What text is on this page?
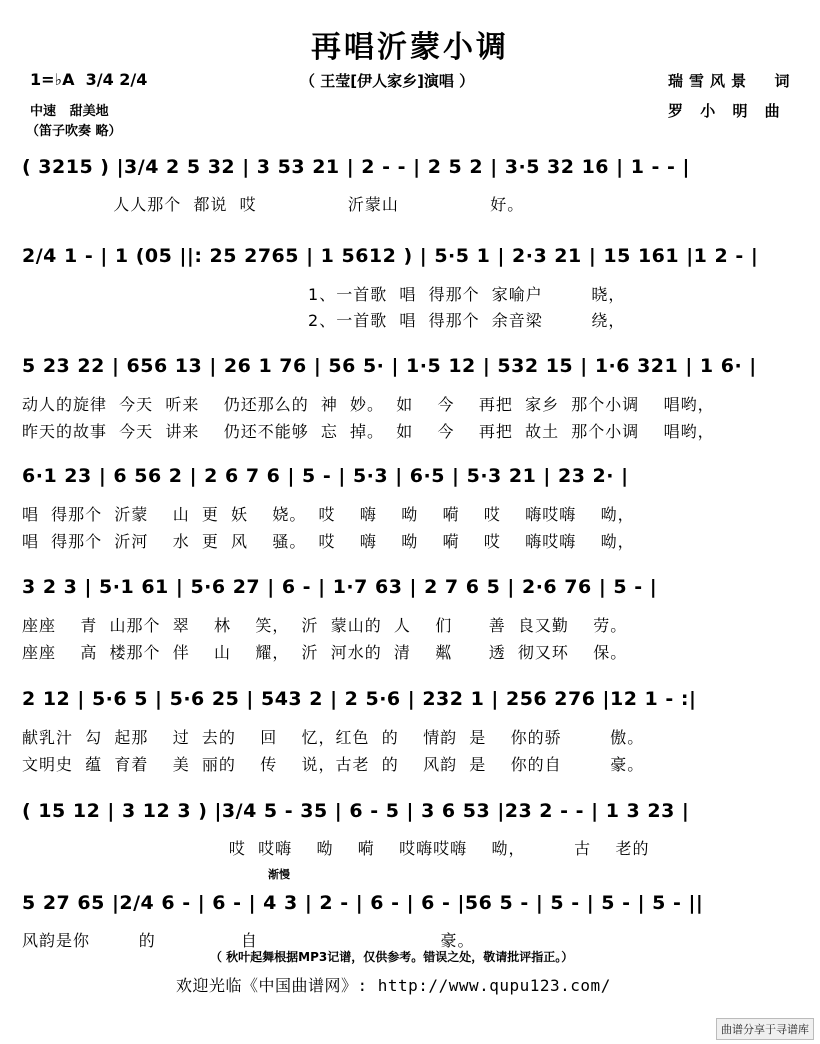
再唱沂蒙小调
（ 王莹[伊人家乡]演唱 ）
1=♭A  3/4 2/4
中速   甜美地
（笛子吹奏 略）
瑞雪风景  词
罗 小 明 曲
( 3215 ) |3/4 2 5 32 | 3 53 21 | 2 - - | 2 5 2 | 3·5 32 16 | 1 - - |
人人那个  都说  哎               沂蒙山               好。
2/4 1 - | 1 (05 ||: 25 2765 | 1 5612 ) | 5·5 1 | 2·3 21 | 15 161 |1 2 - |
1、一首歌  唱  得那个  家喻户        晓，
2、一首歌  唱  得那个  余音梁        绕，
5 23 22 | 656 13 | 26 1 76 | 56 5· | 1·5 12 | 532 15 | 1·6 321 | 1 6· |
动人的旋律  今天  听来    仍还那么的  神  妙。  如    今    再把  家乡  那个小调    唱哟，
昨天的故事  今天  讲来    仍还不能够  忘  掉。  如    今    再把  故土  那个小调    唱哟，
6·1 23 | 6 56 2 | 2 6 7 6 | 5 - | 5·3 | 6·5 | 5·3 21 | 23 2· |
唱  得那个  沂蒙    山  更  妖    娆。  哎    嗨    呦    嗬    哎    嗨哎嗨    呦，
唱  得那个  沂河    水  更  风    骚。  哎    嗨    呦    嗬    哎    嗨哎嗨    呦，
3 2 3 | 5·1 61 | 5·6 27 | 6 - | 1·7 63 | 2 7 6 5 | 2·6 76 | 5 - |
座座    青  山那个  翠    林    笑，  沂  蒙山的  人    们      善  良又勤    劳。
座座    高  楼那个  伴    山    耀，  沂  河水的  清    粼      透  彻又环    保。
2 12 | 5·6 5 | 5·6 25 | 543 2 | 2 5·6 | 232 1 | 256 276 |12 1 - :|
献乳汁  勾  起那    过  去的    回    忆，红色  的    情韵  是    你的骄        傲。
文明史  蕴  育着    美  丽的    传    说，古老  的    风韵  是    你的自        豪。
( 15 12 | 3 12 3 ) |3/4 5 - 35 | 6 - 5 | 3 6 53 |23 2 - - | 1 3 23 |
哎  哎嗨    呦    嗬    哎嗨哎嗨    呦，        古    老的
渐慢
5 27 65 |2/4 6 - | 6 - | 4 3 | 2 - | 6 - | 6 - |56 5 - | 5 - | 5 - | 5 - ||
风韵是你        的              自                              豪。
（ 秋叶起舞根据MP3记谱，仅供参考。错误之处，敬请批评指正。）
欢迎光临《中国曲谱网》: http://www.qupu123.com/
曲谱分享于寻谱库
